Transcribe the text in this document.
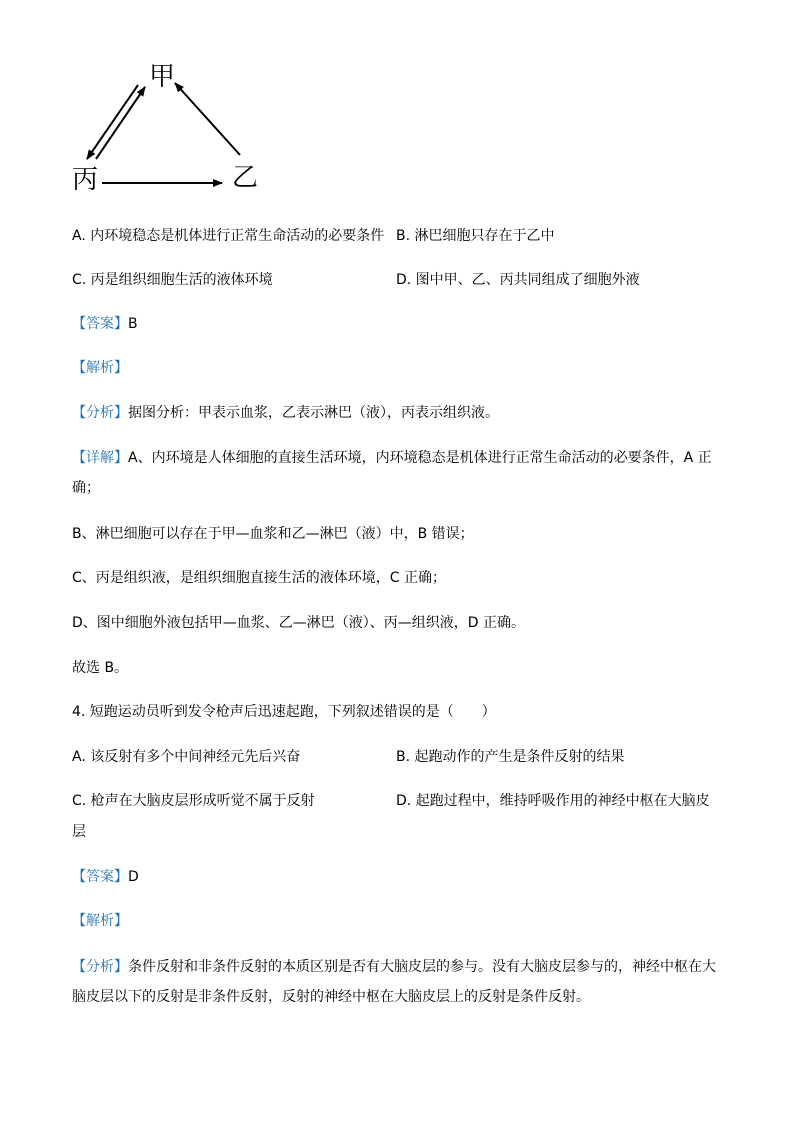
甲
丙	乙
A. 内环境稳态是机体进行正常生命活动的必要条件 B. 淋巴细胞只存在于乙中
C. 丙是组织细胞生活的液体环境	D. 图中甲、乙、丙共同组成了细胞外液
【答案】B
【解析】
【分析】据图分析：甲表示血浆，乙表示淋巴（液），丙表示组织液。
【详解】A、内环境是人体细胞的直接生活环境，内环境稳态是机体进行正常生命活动的必要条件，A 正
确；
B、淋巴细胞可以存在于甲—血浆和乙—淋巴（液）中，B 错误；
C、丙是组织液，是组织细胞直接生活的液体环境，C 正确；
D、图中细胞外液包括甲—血浆、乙—淋巴（液）、丙—组织液，D 正确。
故选 B。
4. 短跑运动员听到发令枪声后迅速起跑，下列叙述错误的是（　　）
A. 该反射有多个中间神经元先后兴奋	B. 起跑动作的产生是条件反射的结果
C. 枪声在大脑皮层形成听觉不属于反射	D. 起跑过程中，维持呼吸作用的神经中枢在大脑皮
层
【答案】D
【解析】
【分析】条件反射和非条件反射的本质区别是否有大脑皮层的参与。没有大脑皮层参与的，神经中枢在大
脑皮层以下的反射是非条件反射，反射的神经中枢在大脑皮层上的反射是条件反射。
